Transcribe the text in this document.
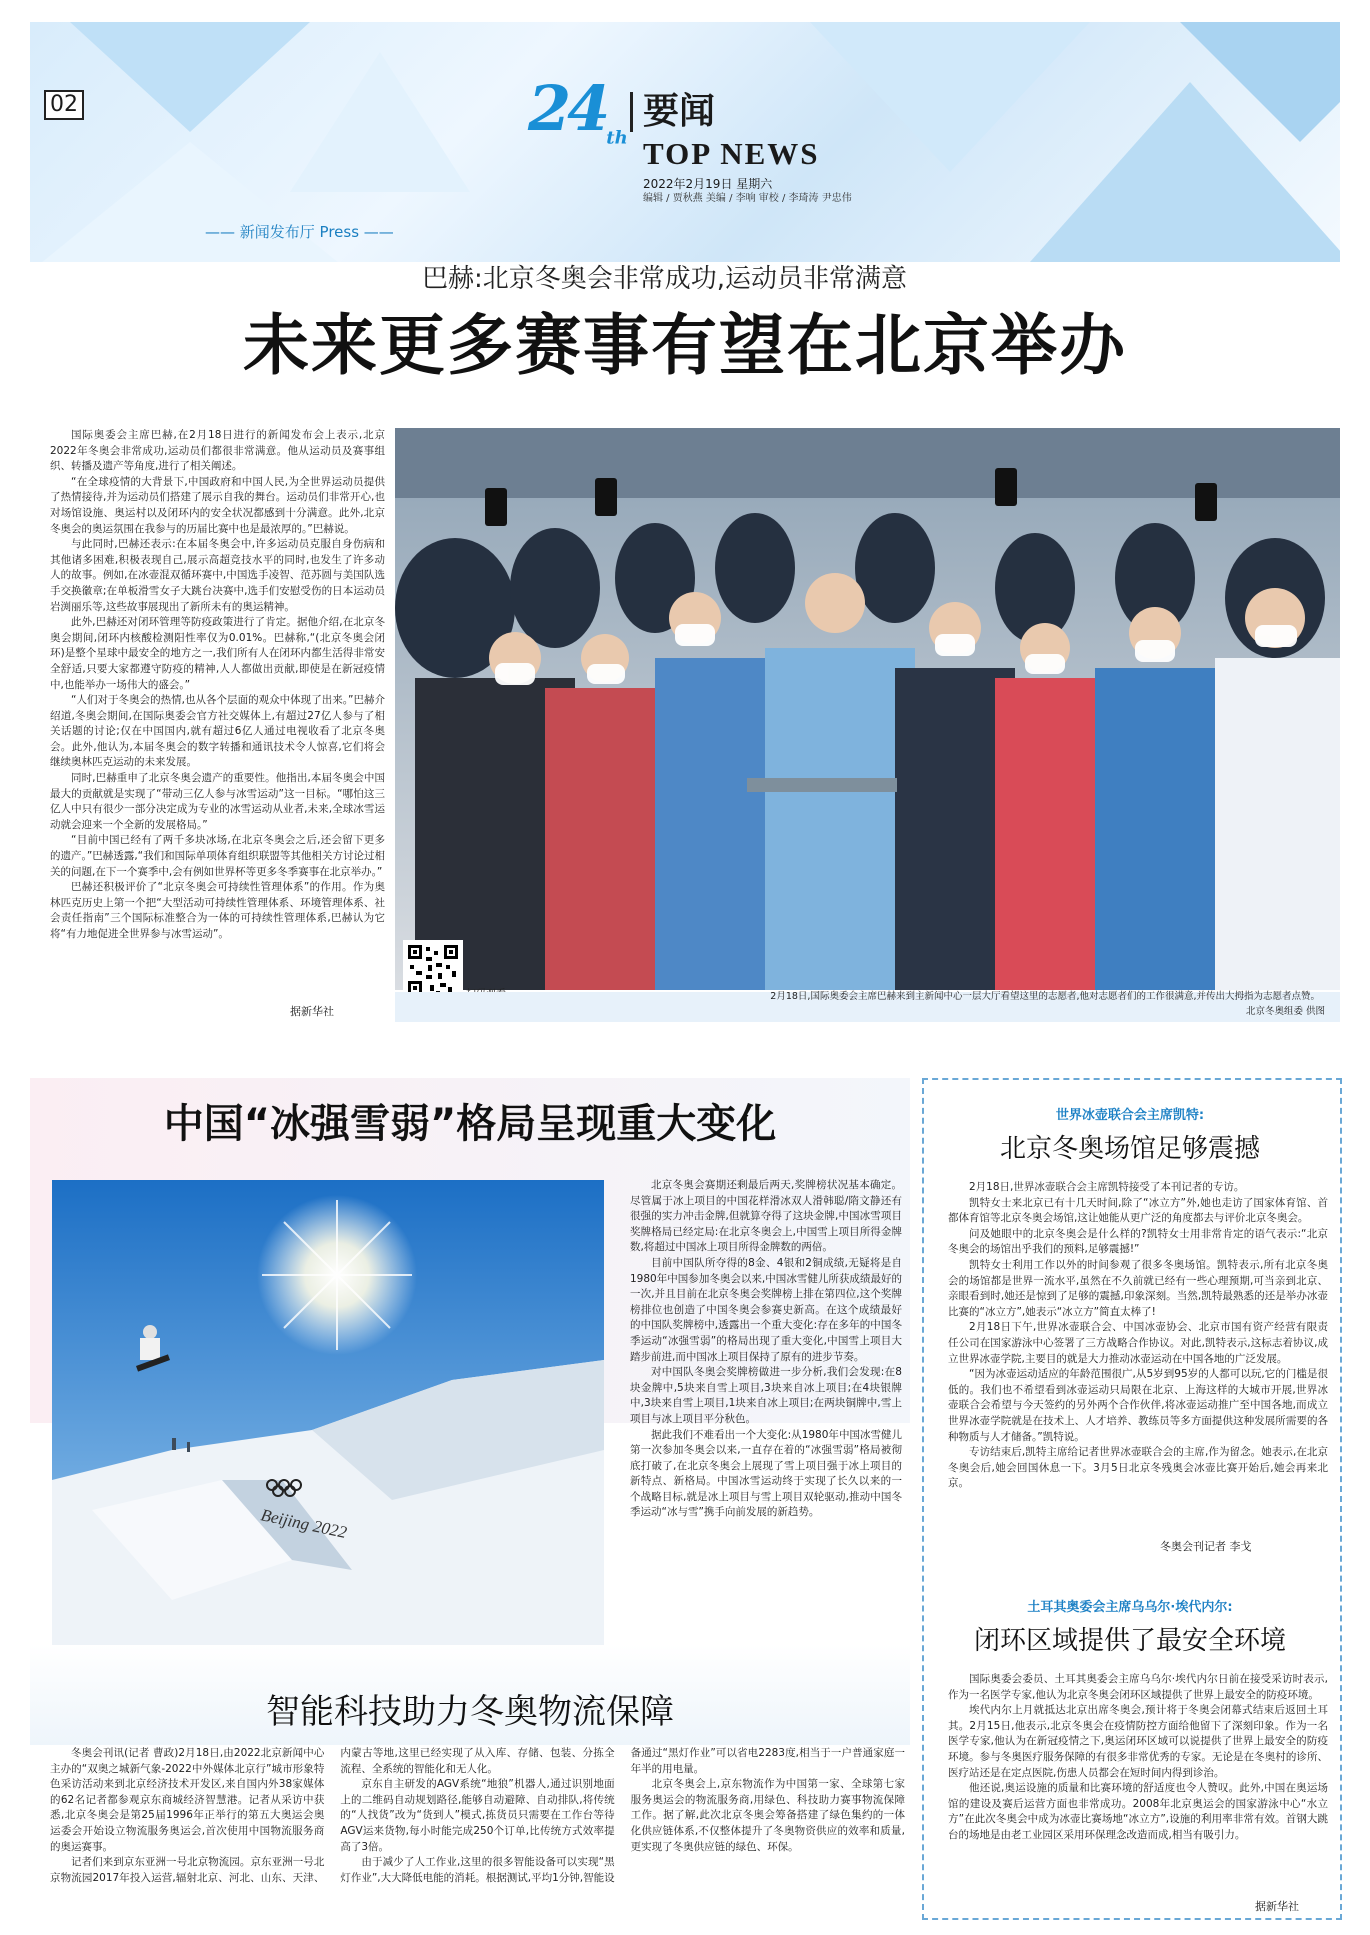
02	$24_{th}$
要闻
TOP NEWS
2022年2月19日 星期六
编辑 / 贾秋燕 美编 / 李响 审校 / 李琦涛 尹忠伟
—— 新闻发布厅 Press ——
巴赫:北京冬奥会非常成功,运动员非常满意
未来更多赛事有望在北京举办

国际奥委会主席巴赫,在2月18日进行的新闻发布会上表示,北京2022年冬奥会非常成功,运动员们都很非常满意。他从运动员及赛事组织、转播及遗产等角度,进行了相关阐述。

“在全球疫情的大背景下,中国政府和中国人民,为全世界运动员提供了热情接待,并为运动员们搭建了展示自我的舞台。运动员们非常开心,也对场馆设施、奥运村以及闭环内的安全状况都感到十分满意。此外,北京冬奥会的奥运氛围在我参与的历届比赛中也是最浓厚的。”巴赫说。

与此同时,巴赫还表示:在本届冬奥会中,许多运动员克服自身伤病和其他诸多困难,积极表现自己,展示高超竞技水平的同时,也发生了许多动人的故事。例如,在冰壶混双循环赛中,中国选手凌智、范苏圆与美国队选手交换徽章;在单板滑雪女子大跳台决赛中,选手们安慰受伤的日本运动员岩渕丽乐等,这些故事展现出了新所未有的奥运精神。

此外,巴赫还对闭环管理等防疫政策进行了肯定。据他介绍,在北京冬奥会期间,闭环内核酸检测阳性率仅为0.01%。巴赫称,“(北京冬奥会闭环)是整个星球中最安全的地方之一,我们所有人在闭环内都生活得非常安全舒适,只要大家都遵守防疫的精神,人人都做出贡献,即使是在新冠疫情中,也能举办一场伟大的盛会。”

“人们对于冬奥会的热情,也从各个层面的观众中体现了出来。”巴赫介绍道,冬奥会期间,在国际奥委会官方社交媒体上,有超过27亿人参与了相关话题的讨论;仅在中国国内,就有超过6亿人通过电视收看了北京冬奥会。此外,他认为,本届冬奥会的数字转播和通讯技术令人惊喜,它们将会继续奥林匹克运动的未来发展。

同时,巴赫重申了北京冬奥会遗产的重要性。他指出,本届冬奥会中国最大的贡献就是实现了“带动三亿人参与冰雪运动”这一目标。“哪怕这三亿人中只有很少一部分决定成为专业的冰雪运动从业者,未来,全球冰雪运动就会迎来一个全新的发展格局。”

“目前中国已经有了两千多块冰场,在北京冬奥会之后,还会留下更多的遗产。”巴赫透露,“我们和国际单项体育组织联盟等其他相关方讨论过相关的问题,在下一个赛季中,会有例如世界杯等更多冬季赛事在北京举办。”

巴赫还积极评价了“北京冬奥会可持续性管理体系”的作用。作为奥林匹克历史上第一个把“大型活动可持续性管理体系、环境管理体系、社会责任指南”三个国际标准整合为一体的可持续性管理体系,巴赫认为它将“有力地促进全世界参与冰雪运动”。

据新华社
2月18日,国际奥委会主席巴赫来到主新闻中心一层大厅看望这里的志愿者,他对志愿者们的工作很满意,并传出大拇指为志愿者点赞。
北京冬奥组委 供图
中国“冰强雪弱”格局呈现重大变化
Beijing 2022

北京冬奥会赛期还剩最后两天,奖牌榜状况基本确定。尽管属于冰上项目的中国花样滑冰双人滑韩聪/隋文静还有很强的实力冲击金牌,但就算夺得了这块金牌,中国冰雪项目奖牌格局已经定局:在北京冬奥会上,中国雪上项目所得金牌数,将超过中国冰上项目所得金牌数的两倍。

目前中国队所夺得的8金、4银和2铜成绩,无疑将是自1980年中国参加冬奥会以来,中国冰雪健儿所获成绩最好的一次,并且目前在北京冬奥会奖牌榜上排在第四位,这个奖牌榜排位也创造了中国冬奥会参赛史新高。在这个成绩最好的中国队奖牌榜中,透露出一个重大变化:存在多年的中国冬季运动“冰强雪弱”的格局出现了重大变化,中国雪上项目大踏步前进,而中国冰上项目保持了原有的进步节奏。

对中国队冬奥会奖牌榜做进一步分析,我们会发现:在8块金牌中,5块来自雪上项目,3块来自冰上项目;在4块银牌中,3块来自雪上项目,1块来自冰上项目;在两块铜牌中,雪上项目与冰上项目平分秋色。

据此我们不难看出一个大变化:从1980年中国冰雪健儿第一次参加冬奥会以来,一直存在着的“冰强雪弱”格局被彻底打破了,在北京冬奥会上展现了雪上项目强于冰上项目的新特点、新格局。中国冰雪运动终于实现了长久以来的一个战略目标,就是冰上项目与雪上项目双轮驱动,推动中国冬季运动“冰与雪”携手向前发展的新趋势。

世界冰壶联合会主席凯特:
北京冬奥场馆足够震撼

2月18日,世界冰壶联合会主席凯特接受了本刊记者的专访。

凯特女士来北京已有十几天时间,除了“冰立方”外,她也走访了国家体育馆、首都体育馆等北京冬奥会场馆,这让她能从更广泛的角度都去与评价北京冬奥会。

问及她眼中的北京冬奥会是什么样的?凯特女士用非常肯定的语气表示:“北京冬奥会的场馆出乎我们的预料,足够震撼!”

凯特女士利用工作以外的时间参观了很多冬奥场馆。凯特表示,所有北京冬奥会的场馆都是世界一流水平,虽然在不久前就已经有一些心理预期,可当亲到北京、亲眼看到时,她还是惊到了足够的震撼,印象深刻。当然,凯特最熟悉的还是举办冰壶比赛的“冰立方”,她表示“冰立方”简直太棒了!

2月18日下午,世界冰壶联合会、中国冰壶协会、北京市国有资产经营有限责任公司在国家游泳中心签署了三方战略合作协议。对此,凯特表示,这标志着协议,成立世界冰壶学院,主要目的就是大力推动冰壶运动在中国各地的广泛发展。

“因为冰壶运动适应的年龄范围很广,从5岁到95岁的人都可以玩,它的门槛是很低的。我们也不希望看到冰壶运动只局限在北京、上海这样的大城市开展,世界冰壶联合会希望与今天签约的另外两个合作伙伴,将冰壶运动推广至中国各地,而成立世界冰壶学院就是在技术上、人才培养、教练员等多方面提供这种发展所需要的各种物质与人才储备。”凯特说。

专访结束后,凯特主席给记者世界冰壶联合会的主席,作为留念。她表示,在北京冬奥会后,她会回国休息一下。3月5日北京冬残奥会冰壶比赛开始后,她会再来北京。

冬奥会刊记者 李戈
土耳其奥委会主席乌乌尔·埃代内尔:
闭环区域提供了最安全环境

国际奥委会委员、土耳其奥委会主席乌乌尔·埃代内尔日前在接受采访时表示,作为一名医学专家,他认为北京冬奥会闭环区域提供了世界上最安全的防疫环境。

埃代内尔上月就抵达北京出席冬奥会,预计将于冬奥会闭幕式结束后返回土耳其。2月15日,他表示,北京冬奥会在疫情防控方面给他留下了深刻印象。作为一名医学专家,他认为在新冠疫情之下,奥运闭环区域可以说提供了世界上最安全的防疫环境。参与冬奥医疗服务保障的有很多非常优秀的专家。无论是在冬奥村的诊所、医疗站还是在定点医院,伤患人员都会在短时间内得到诊治。

他还说,奥运设施的质量和比赛环境的舒适度也令人赞叹。此外,中国在奥运场馆的建设及赛后运营方面也非常成功。2008年北京奥运会的国家游泳中心“水立方”在此次冬奥会中成为冰壶比赛场地“冰立方”,设施的利用率非常有效。首钢大跳台的场地是由老工业园区采用环保理念改造而成,相当有吸引力。

据新华社
智能科技助力冬奥物流保障

冬奥会刊讯(记者 曹政)2月18日,由2022北京新闻中心主办的“双奥之城新气象-2022中外媒体北京行”城市形象特色采访活动来到北京经济技术开发区,来自国内外38家媒体的62名记者都参观京东商城经济智慧港。记者从采访中获悉,北京冬奥会是第25届1996年正举行的第五大奥运会奥运委会开始设立物流服务奥运会,首次使用中国物流服务商的奥运赛事。

记者们来到京东亚洲一号北京物流园。京东亚洲一号北京物流园2017年投入运营,辐射北京、河北、山东、天津、内蒙古等地,这里已经实现了从入库、存储、包装、分拣全流程、全系统的智能化和无人化。

京东自主研发的AGV系统“地狼”机器人,通过识别地面上的二维码自动规划路径,能够自动避障、自动排队,将传统的“人找货”改为“货到人”模式,拣货员只需要在工作台等待AGV运来货物,每小时能完成250个订单,比传统方式效率提高了3倍。

由于减少了人工作业,这里的很多智能设备可以实现“黑灯作业”,大大降低电能的消耗。根据测试,平均1分钟,智能设备通过“黑灯作业”可以省电2283度,相当于一户普通家庭一年半的用电量。

北京冬奥会上,京东物流作为中国第一家、全球第七家服务奥运会的物流服务商,用绿色、科技助力赛事物流保障工作。据了解,此次北京冬奥会筹备搭建了绿色集约的一体化供应链体系,不仅整体提升了冬奥物资供应的效率和质量,更实现了冬奥供应链的绿色、环保。
